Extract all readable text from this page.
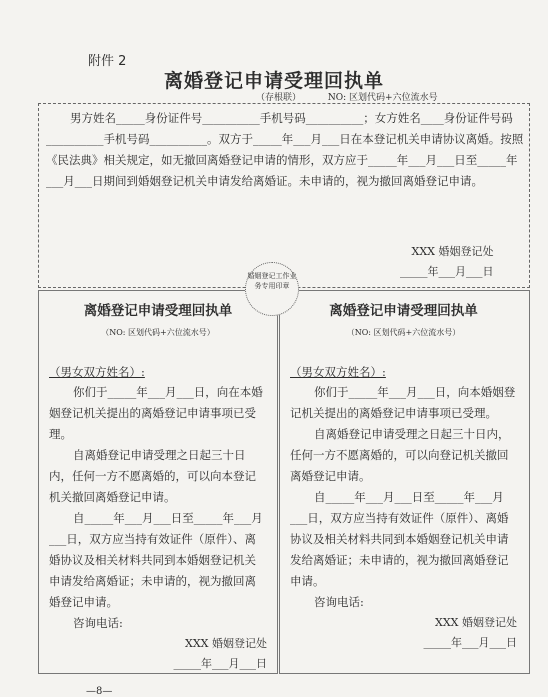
附件 2
离婚登记申请受理回执单
（存根联）	NO: 区划代码+六位流水号
男方姓名_____身份证件号__________手机号码__________；女方姓名____身份证件号码__________手机号码__________。双方于_____年___月___日在本登记机关申请协议离婚。按照《民法典》相关规定，如无撤回离婚登记申请的情形，双方应于_____年___月___日至_____年___月___日期间到婚姻登记机关申请发给离婚证。未申请的，视为撤回离婚登记申请。
XXX 婚姻登记处
_____年___月___日
离婚登记申请受理回执单
（NO: 区划代码+六位流水号）
（男女双方姓名）:

你们于_____年___月___日，向在本婚姻登记机关提出的离婚登记申请事项已受理。

自离婚登记申请受理之日起三十日内，任何一方不愿离婚的，可以向本登记机关撤回离婚登记申请。

自_____年___月___日至_____年___月___日，双方应当持有效证件（原件）、离婚协议及相关材料共同到本婚姻登记机关申请发给离婚证；未申请的，视为撤回离婚登记申请。

咨询电话:

XXX 婚姻登记处
_____年___月___日
离婚登记申请受理回执单
（NO: 区划代码+六位流水号）
（男女双方姓名）:

你们于_____年___月___日，向本婚姻登记机关提出的离婚登记申请事项已受理。

自离婚登记申请受理之日起三十日内，任何一方不愿离婚的，可以向登记机关撤回离婚登记申请。

自_____年___月___日至_____年___月___日，双方应当持有效证件（原件）、离婚协议及相关材料共同到本婚姻登记机关申请发给离婚证；未申请的，视为撤回离婚登记申请。

咨询电话:

XXX 婚姻登记处
_____年___月___日
婚姻登记工作业务专用印章
—8—
